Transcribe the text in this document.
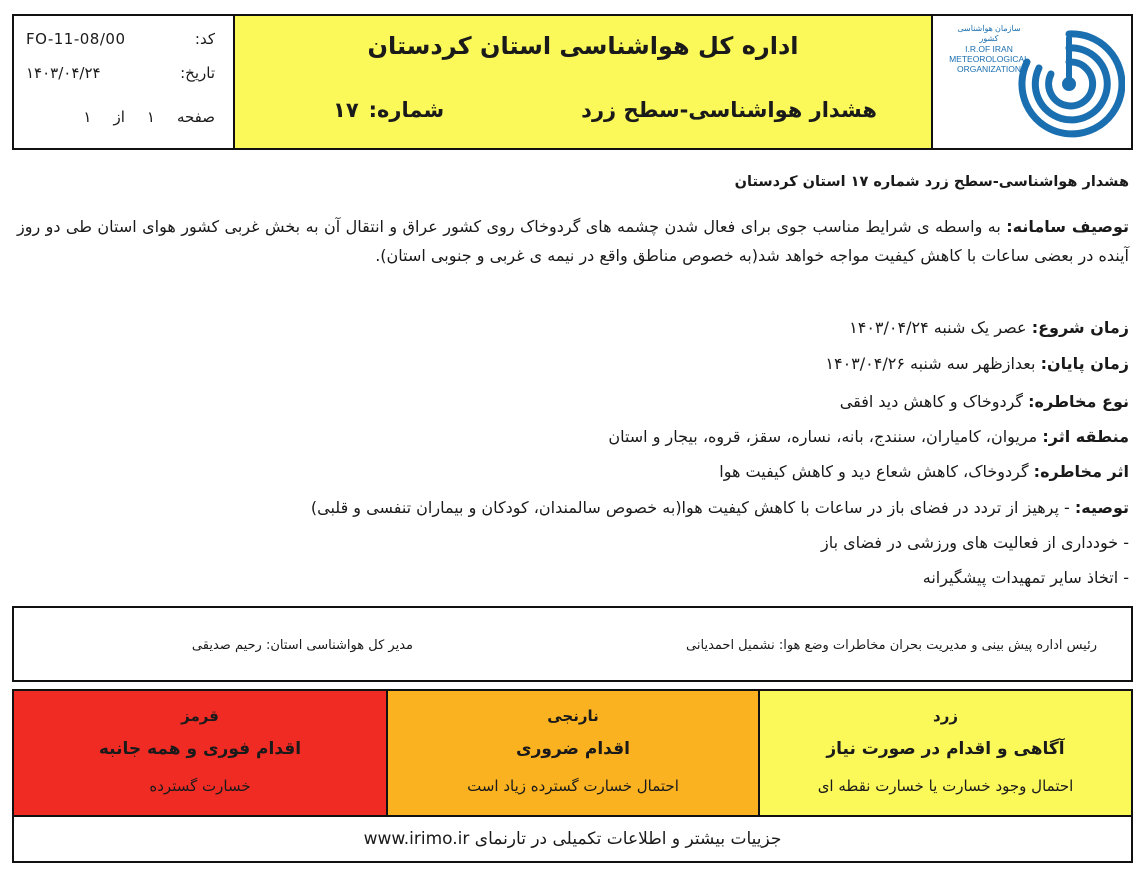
کد:
FO-11-08/00
تاریخ:
۱۴۰۳/۰۴/۲۴
صفحه
۱
از
۱
اداره کل هواشناسی استان کردستان
هشدار هواشناسی-سطح زرد
شماره:
۱۷
سازمان هواشناسی کشور
I.R.OF IRAN
METEOROLOGICAL
ORGANIZATION
هشدار هواشناسی-سطح زرد شماره ۱۷ استان کردستان
توصیف سامانه: به واسطه ی شرایط مناسب جوی برای فعال شدن چشمه های گردوخاک روی کشور عراق و انتقال آن به بخش غربی کشور هوای استان طی دو روز آینده در بعضی ساعات با کاهش کیفیت مواجه خواهد شد(به خصوص مناطق واقع در نیمه ی غربی و جنوبی استان).
زمان شروع: عصر یک شنبه ۱۴۰۳/۰۴/۲۴
زمان پایان: بعدازظهر سه شنبه ۱۴۰۳/۰۴/۲۶
نوع مخاطره: گردوخاک و کاهش دید افقی
منطقه اثر: مریوان، کامیاران، سنندج، بانه، نساره، سقز، قروه، بیجار و استان
اثر مخاطره: گردوخاک، کاهش شعاع دید و کاهش کیفیت هوا
توصیه: - پرهیز از تردد در فضای باز در ساعات با کاهش کیفیت هوا(به خصوص سالمندان، کودکان و بیماران تنفسی و قلبی)
- خودداری از فعالیت های ورزشی در فضای باز
- اتخاذ سایر تمهیدات پیشگیرانه
رئیس اداره پیش بینی و مدیریت بحران مخاطرات وضع هوا: نشمیل احمدیانی
مدیر کل هواشناسی استان: رحیم صدیقی
قرمز
اقدام فوری و همه جانبه
خسارت گسترده
نارنجی
اقدام ضروری
احتمال خسارت گسترده زیاد است
زرد
آگاهی و اقدام در صورت نیاز
احتمال وجود خسارت یا خسارت نقطه ای
جزییات بیشتر و اطلاعات تکمیلی در تارنمای www.irimo.ir
